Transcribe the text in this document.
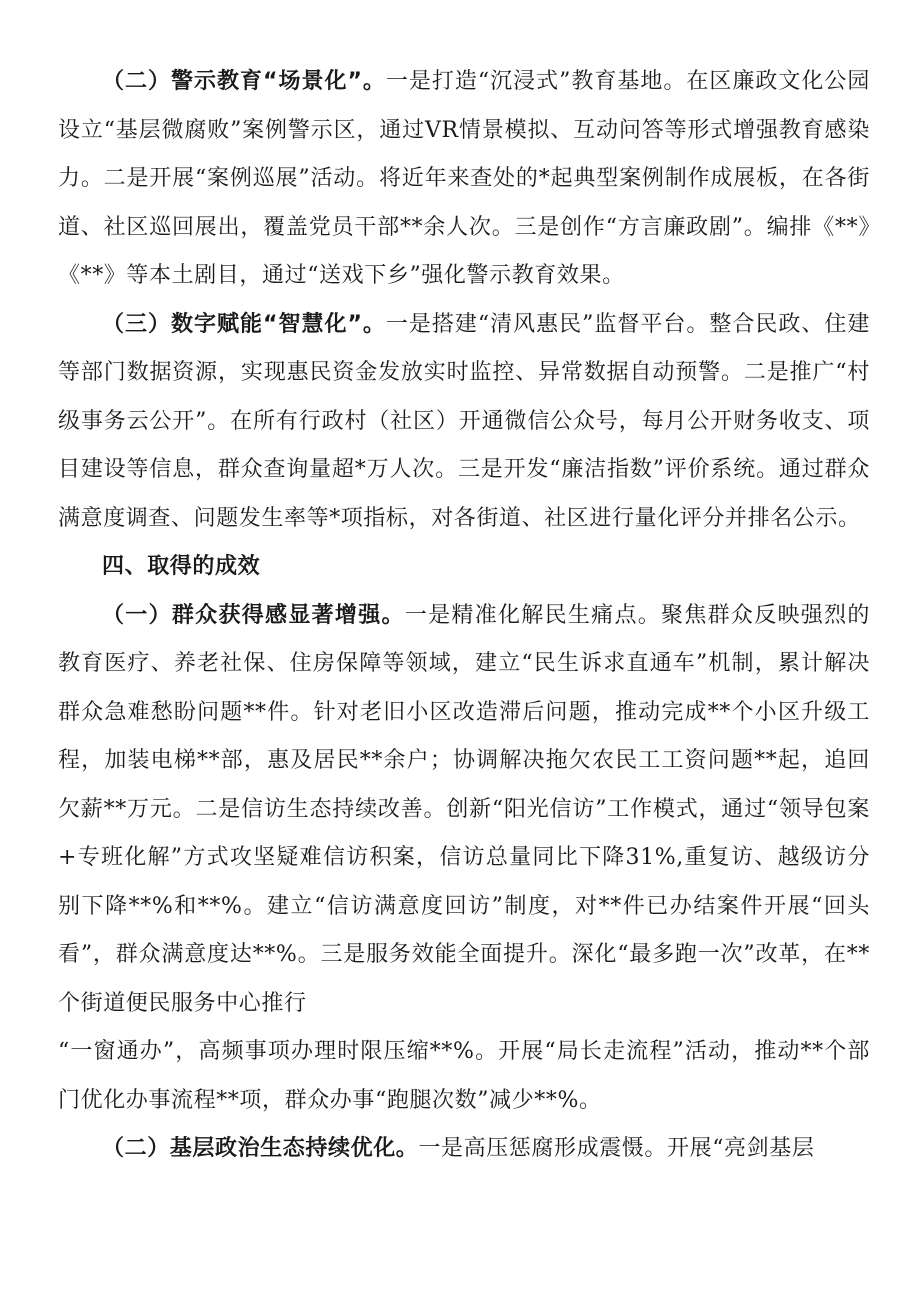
（二）警示教育“场景化”。一是打造“沉浸式”教育基地。在区廉政文化公园设立“基层微腐败”案例警示区，通过VR情景模拟、互动问答等形式增强教育感染力。二是开展“案例巡展”活动。将近年来查处的*起典型案例制作成展板，在各街道、社区巡回展出，覆盖党员干部**余人次。三是创作“方言廉政剧”。编排《**》《**》等本土剧目，通过“送戏下乡”强化警示教育效果。

（三）数字赋能“智慧化”。一是搭建“清风惠民”监督平台。整合民政、住建等部门数据资源，实现惠民资金发放实时监控、异常数据自动预警。二是推广“村级事务云公开”。在所有行政村（社区）开通微信公众号，每月公开财务收支、项目建设等信息，群众查询量超*万人次。三是开发“廉洁指数”评价系统。通过群众满意度调查、问题发生率等*项指标，对各街道、社区进行量化评分并排名公示。

四、取得的成效

（一）群众获得感显著增强。一是精准化解民生痛点。聚焦群众反映强烈的教育医疗、养老社保、住房保障等领域，建立“民生诉求直通车”机制，累计解决群众急难愁盼问题**件。针对老旧小区改造滞后问题，推动完成**个小区升级工程，加装电梯**部，惠及居民**余户；协调解决拖欠农民工工资问题**起，追回欠薪**万元。二是信访生态持续改善。创新“阳光信访”工作模式，通过“领导包案+专班化解”方式攻坚疑难信访积案，信访总量同比下降31%,重复访、越级访分别下降**%和**%。建立“信访满意度回访”制度，对**件已办结案件开展“回头看”，群众满意度达**%。三是服务效能全面提升。深化“最多跑一次”改革，在**个街道便民服务中心推行

“一窗通办”，高频事项办理时限压缩**%。开展“局长走流程”活动，推动**个部门优化办事流程**项，群众办事“跑腿次数”减少**%。

（二）基层政治生态持续优化。一是高压惩腐形成震慑。开展“亮剑基层
